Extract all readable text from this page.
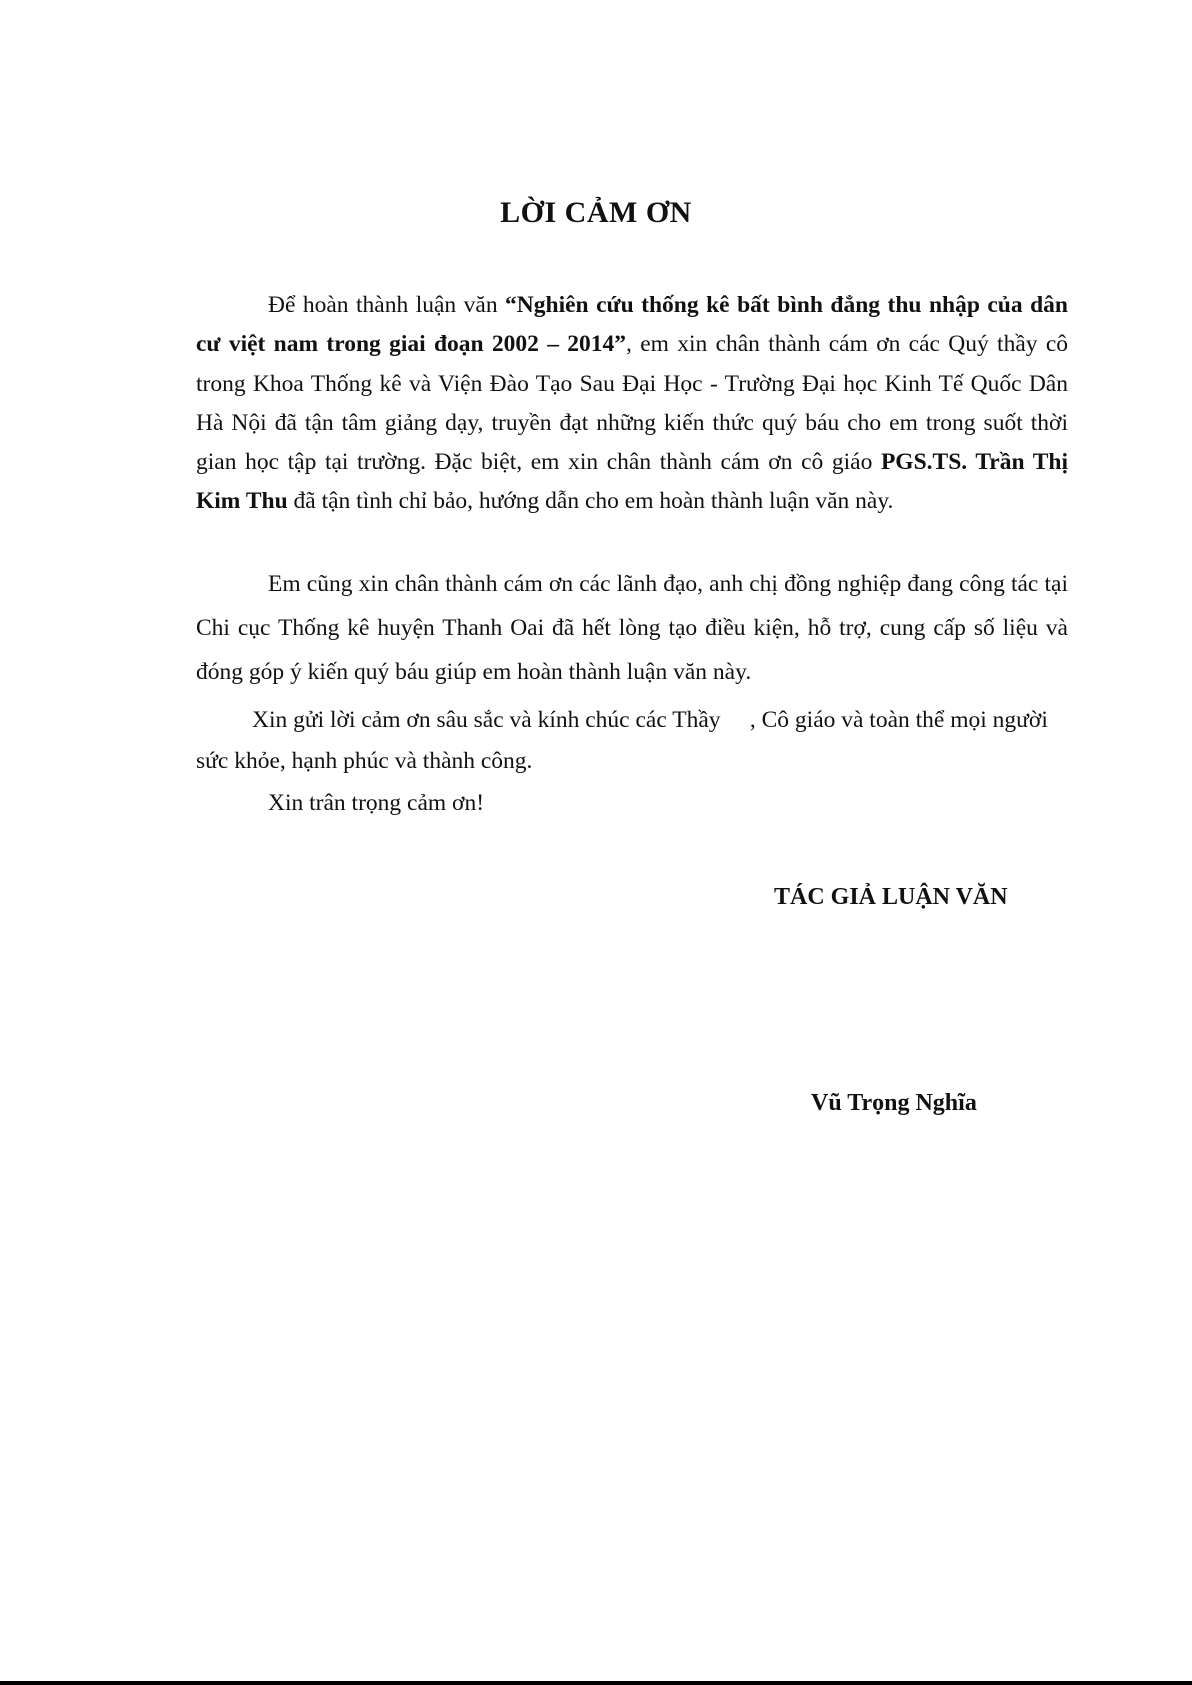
LỜI CẢM ƠN

Để hoàn thành luận văn “Nghiên cứu thống kê bất bình đẳng thu nhập của dân cư việt nam trong giai đoạn 2002 – 2014”, em xin chân thành cám ơn các Quý thầy cô trong Khoa Thống kê và Viện Đào Tạo Sau Đại Học - Trường Đại học Kinh Tế Quốc Dân Hà Nội đã tận tâm giảng dạy, truyền đạt những kiến thức quý báu cho em trong suốt thời gian học tập tại trường. Đặc biệt, em xin chân thành cám ơn cô giáo PGS.TS. Trần Thị Kim Thu đã tận tình chỉ bảo, hướng dẫn cho em hoàn thành luận văn này.

Em cũng xin chân thành cám ơn các lãnh đạo, anh chị đồng nghiệp đang công tác tại Chi cục Thống kê huyện Thanh Oai đã hết lòng tạo điều kiện, hỗ trợ, cung cấp số liệu và đóng góp ý kiến quý báu giúp em hoàn thành luận văn này.

Xin gửi lời cảm ơn sâu sắc và kính chúc các Thầy     , Cô giáo và toàn thể mọi người sức khỏe, hạnh phúc và thành công.

Xin trân trọng cảm ơn!

TÁC GIẢ LUẬN VĂN

Vũ Trọng Nghĩa
